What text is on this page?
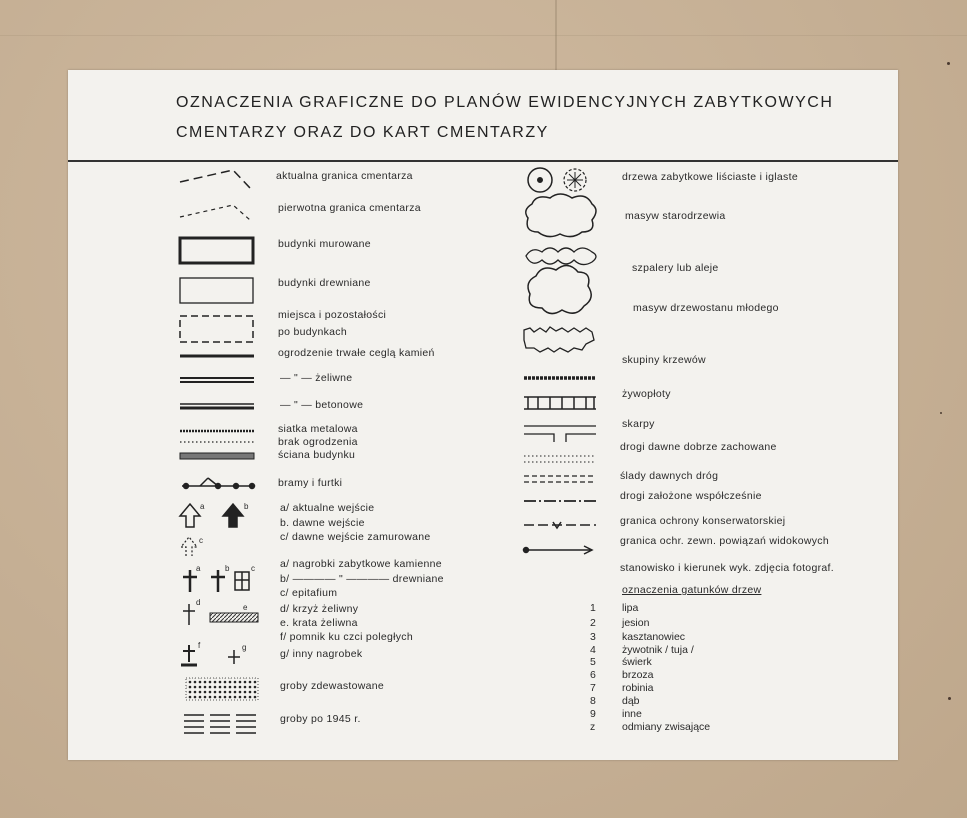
OZNACZENIA GRAFICZNE DO PLANÓW EWIDENCYJNYCH ZABYTKOWYCH
CMENTARZY ORAZ DO KART CMENTARZY
a	b
c
a	b	c
d
e
f	g
aktualna granica cmentarza
pierwotna granica cmentarza
budynki murowane
budynki drewniane
miejsca i pozostałości
po budynkach
ogrodzenie trwałe ceglą kamień
— " — żeliwne
— " — betonowe
siatka metalowa
brak ogrodzenia
ściana budynku
bramy i furtki
a/ aktualne wejście
b. dawne wejście
c/ dawne wejście zamurowane
a/ nagrobki zabytkowe kamienne
b/ ———— " ———— drewniane
c/ epitafium
d/ krzyż żeliwny
e. krata żeliwna
f/ pomnik ku czci poległych
g/ inny nagrobek
groby zdewastowane
groby po 1945 r.
drzewa zabytkowe liściaste i iglaste
masyw starodrzewia
szpalery lub aleje
masyw drzewostanu młodego
skupiny krzewów
żywopłoty
skarpy
drogi dawne dobrze zachowane
ślady dawnych dróg
drogi założone współcześnie
granica ochrony konserwatorskiej
granica ochr. zewn. powiązań widokowych
stanowisko i kierunek wyk. zdjęcia fotograf.
oznaczenia gatunków drzew
1 lipa
2 jesion
3 kasztanowiec
4 żywotnik / tuja /
5 świerk
6 brzoza
7 robinia
8 dąb
9 inne
z	odmiany zwisające
